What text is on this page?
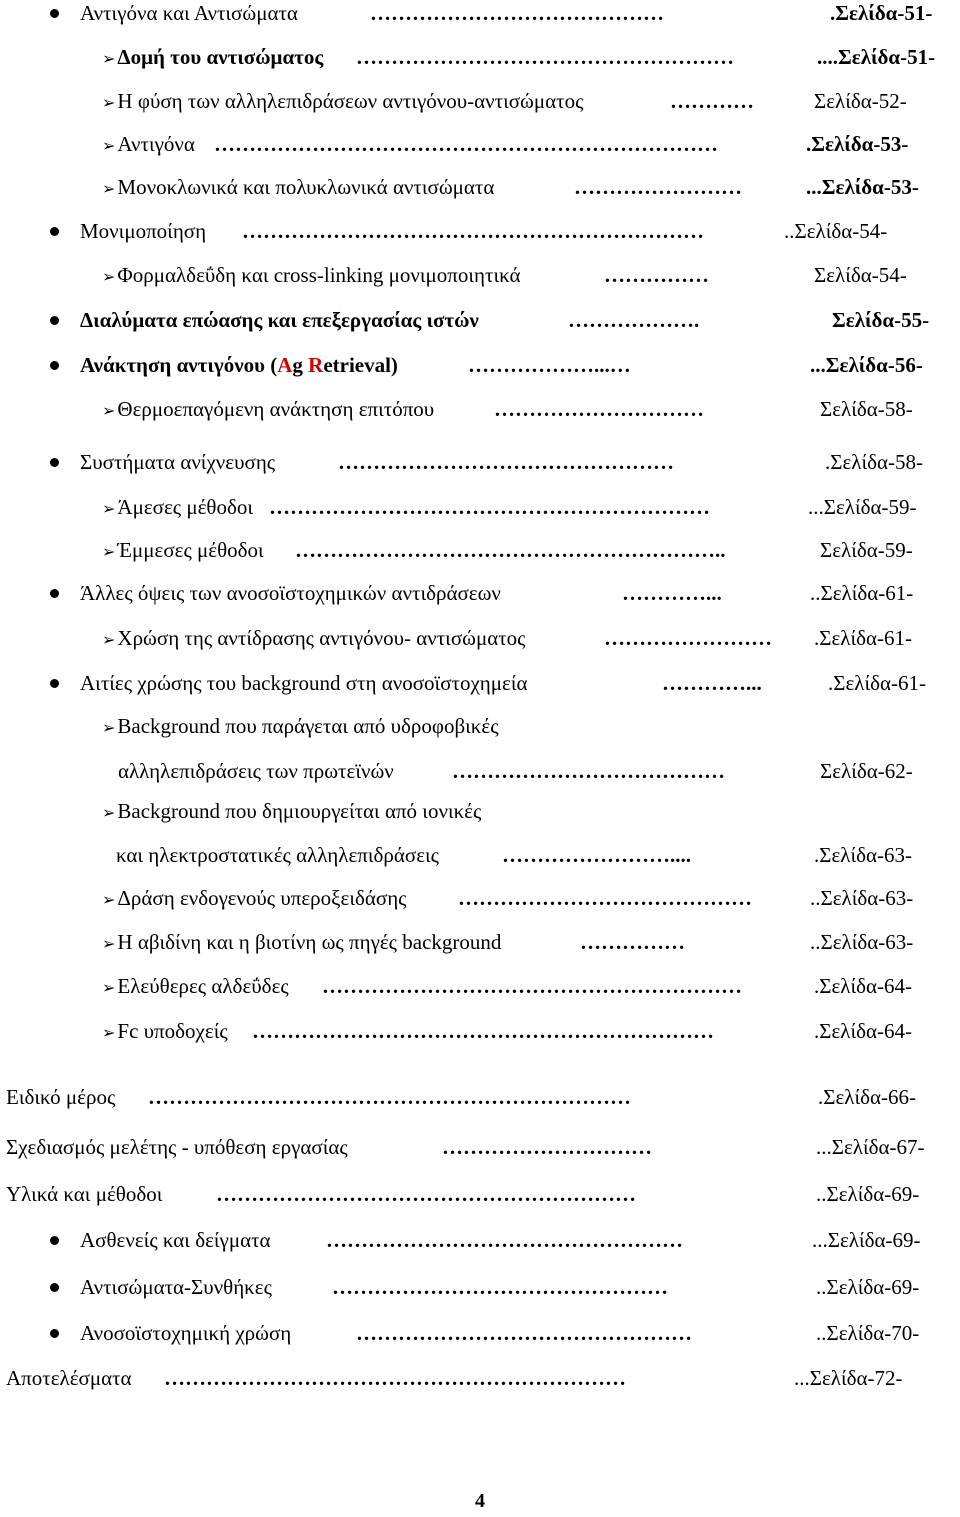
Αντιγόνα και Αντισώματα	……………………………………	.Σελίδα-51-
➢Δομή του αντισώματος ………………………………………………	....Σελίδα-51-
➢Η φύση των αλληλεπιδράσεων αντιγόνου-αντισώματος	…………	Σελίδα-52-
➢Αντιγόνα ………………………………………………………………	.Σελίδα-53-
➢Μονοκλωνικά και πολυκλωνικά αντισώματα	……………………	...Σελίδα-53-
Μονιμοποίηση …………………………………………………………	..Σελίδα-54-
➢Φορμαλδεΰδη και cross-linking μονιμοποιητικά	……………	Σελίδα-54-
Διαλύματα επώασης και επεξεργασίας ιστών	……………….	Σελίδα-55-
Ανάκτηση αντιγόνου (Ag Retrieval)	………………...…	...Σελίδα-56-
➢Θερμοεπαγόμενη ανάκτηση επιτόπου	…………………………	Σελίδα-58-
Συστήματα ανίχνευσης	…………………………………………	.Σελίδα-58-
➢Άμεσες μέθοδοι ………………………………………………………	...Σελίδα-59-
➢Έμμεσες μέθοδοι ……………………………………………………..	Σελίδα-59-
Άλλες όψεις των ανοσοϊστοχημικών αντιδράσεων	…………...	..Σελίδα-61-
➢Χρώση της αντίδρασης αντιγόνου- αντισώματος	…………………… .Σελίδα-61-
Αιτίες χρώσης του background στη ανοσοϊστοχημεία	…………...	.Σελίδα-61-
➢Background που παράγεται από υδροφοβικές
αλληλεπιδράσεις των πρωτεϊνών	…………………………………	Σελίδα-62-
➢Background που δημιουργείται από ιονικές
και ηλεκτροστατικές αλληλεπιδράσεις	……………………....	.Σελίδα-63-
➢Δράση ενδογενούς υπεροξειδάσης ……………………………………	..Σελίδα-63-
➢Η αβιδίνη και η βιοτίνη ως πηγές background	……………	..Σελίδα-63-
➢Ελεύθερες αλδεΰδες ……………………………………………………	.Σελίδα-64-
➢Fc υποδοχείς …………………………………………………………	.Σελίδα-64-
Ειδικό μέρος ……………………………………………………………	.Σελίδα-66-
Σχεδιασμός μελέτης - υπόθεση εργασίας	…………………………	...Σελίδα-67-
Υλικά και μέθοδοι	……………………………………………………	..Σελίδα-69-
Ασθενείς και δείγματα	……………………………………………	...Σελίδα-69-
Αντισώματα-Συνθήκες	…………………………………………	..Σελίδα-69-
Ανοσοϊστοχημική χρώση	…………………………………………	..Σελίδα-70-
Αποτελέσματα …………………………………………………………	...Σελίδα-72-
4
